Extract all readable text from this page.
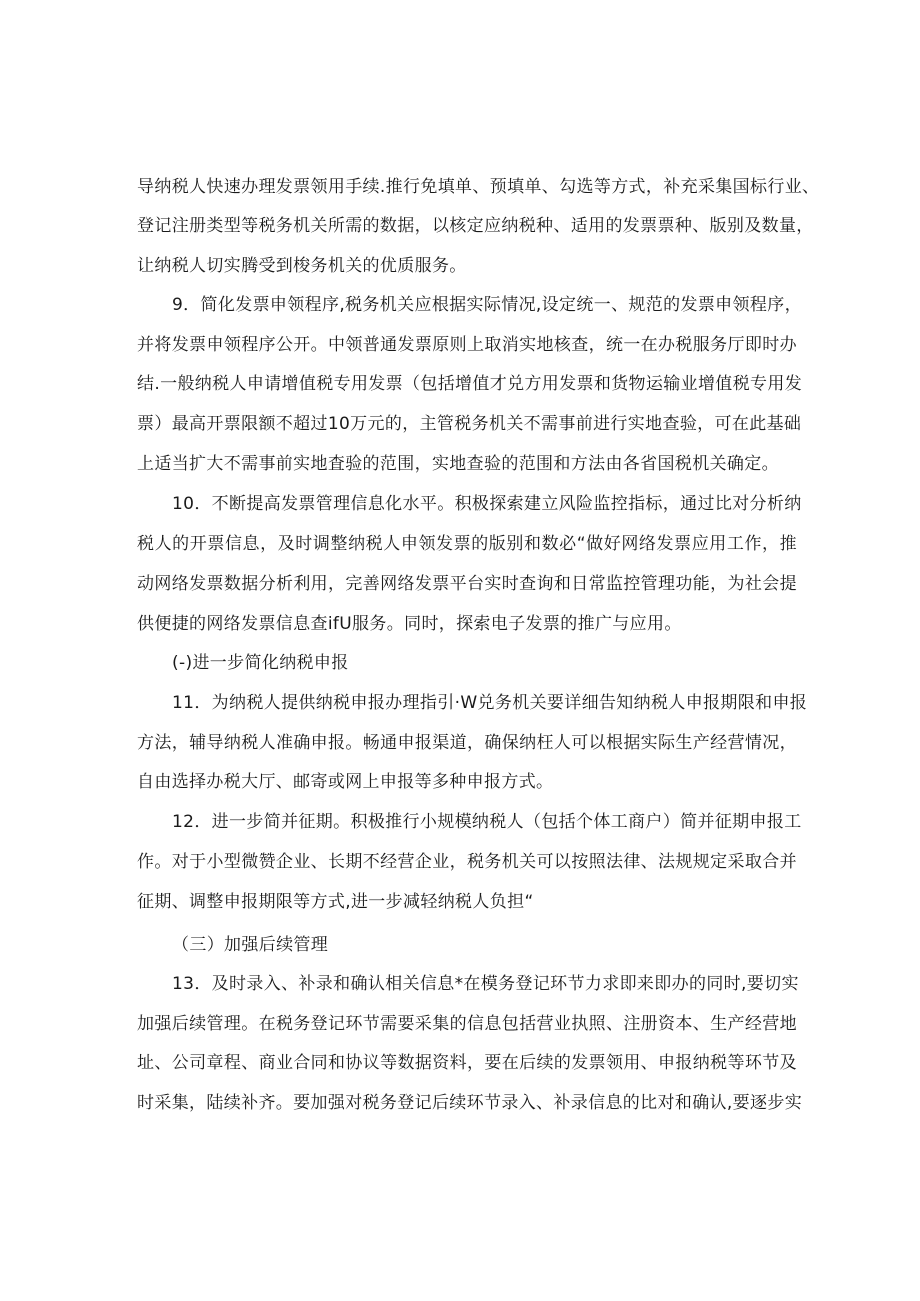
导纳税人快速办理发票领用手续.推行免填单、预填单、勾选等方式，补充采集国标行业、
登记注册类型等税务机关所需的数据，以核定应纳税种、适用的发票票种、版别及数量，
让纳税人切实腾受到梭务机关的优质服务。
9．简化发票申领程序,税务机关应根据实际情况,设定统一、规范的发票申领程序，
并将发票申领程序公开。中领普通发票原则上取消实地核查，统一在办税服务厅即时办
结.一般纳税人申请增值税专用发票（包括增值才兑方用发票和货物运输业增值税专用发
票）最高开票限额不超过10万元的，主管税务机关不需事前进行实地查验，可在此基础
上适当扩大不需事前实地査验的范围，实地查验的范围和方法由各省国税机关确定。
10．不断提高发票管理信息化水平。积极探索建立风险监控指标，通过比对分析纳
税人的开票信息，及时调整纳税人申领发票的版别和数必“做好网络发票应用工作，推
动网络发票数据分析利用，完善网络发票平台实时查询和日常监控管理功能，为社会提
供便捷的网络发票信息查ifU服务。同时，探索电子发票的推广与应用。
(-)进一步简化纳税申报
11．为纳税人提供纳税申报办理指引·W兑务机关要详细告知纳税人申报期限和申报
方法，辅导纳税人准确申报。畅通申报渠道，确保纳枉人可以根据实际生产经营情况，
自由选择办税大厅、邮寄或网上申报等多种申报方式。
12．进一步简并征期。积极推行小规模纳税人（包括个体工商户）简并征期申报工
作。对于小型微赞企业、长期不经营企业，税务机关可以按照法律、法规规定采取合并
征期、调整申报期限等方式,进一步减轻纳税人负担“
（三）加强后续管理
13．及时录入、补录和确认相关信息*在模务登记环节力求即来即办的同时,要切实
加强后续管理。在税务登记环节需要采集的信息包括营业执照、注册资本、生产经营地
址、公司章程、商业合同和协议等数据资料，要在后续的发票领用、申报纳税等环节及
时采集，陆续补齐。要加强对税务登记后续环节录入、补录信息的比对和确认,要逐步实
